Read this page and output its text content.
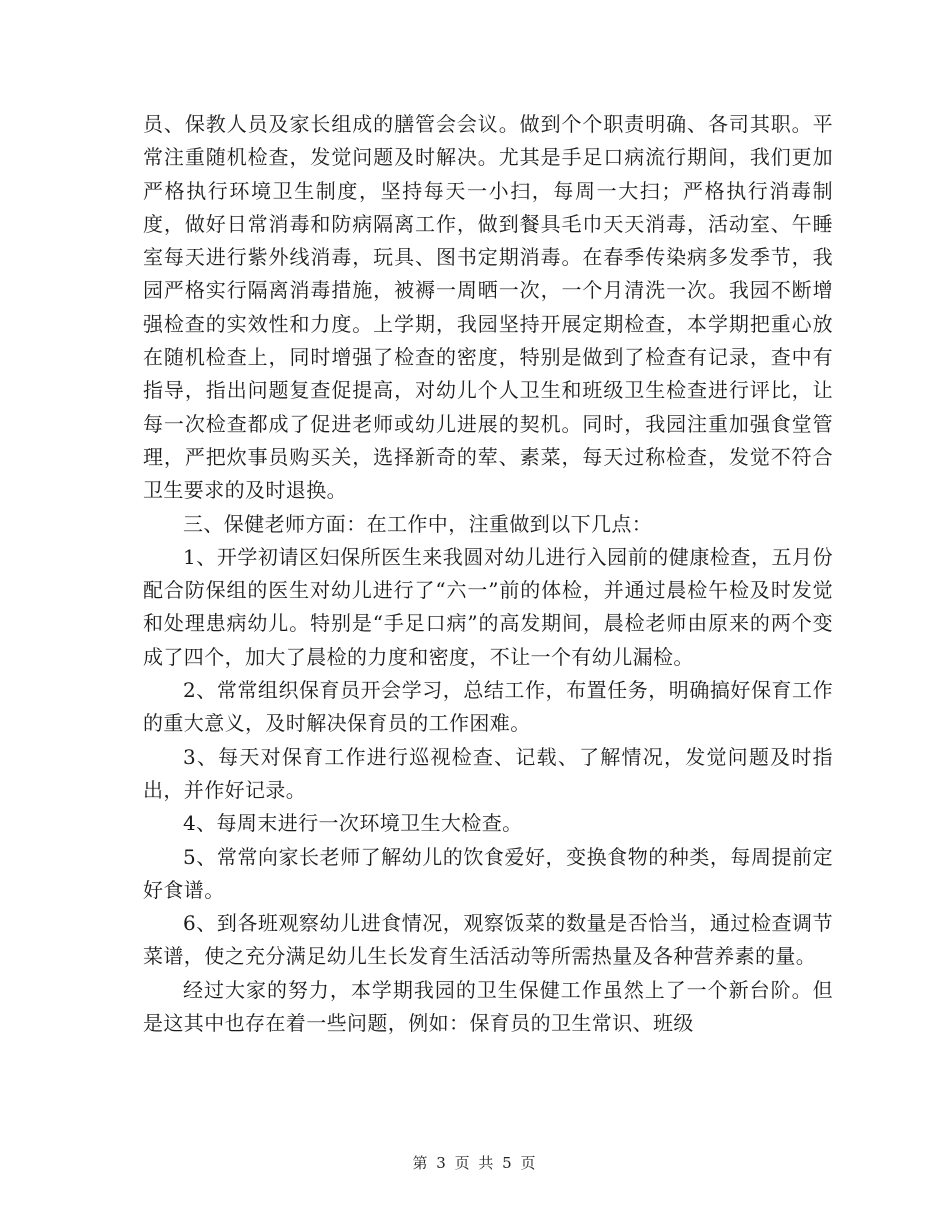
员、保教人员及家长组成的膳管会会议。做到个个职责明确、各司其职。平常注重随机检查，发觉问题及时解决。尤其是手足口病流行期间，我们更加严格执行环境卫生制度，坚持每天一小扫，每周一大扫；严格执行消毒制度，做好日常消毒和防病隔离工作，做到餐具毛巾天天消毒，活动室、午睡室每天进行紫外线消毒，玩具、图书定期消毒。在春季传染病多发季节，我园严格实行隔离消毒措施，被褥一周晒一次，一个月清洗一次。我园不断增强检查的实效性和力度。上学期，我园坚持开展定期检查，本学期把重心放在随机检查上，同时增强了检查的密度，特别是做到了检查有记录，查中有指导，指出问题复查促提高，对幼儿个人卫生和班级卫生检查进行评比，让每一次检查都成了促进老师或幼儿进展的契机。同时，我园注重加强食堂管理，严把炊事员购买关，选择新奇的荤、素菜，每天过称检查，发觉不符合卫生要求的及时退换。

三、保健老师方面：在工作中，注重做到以下几点：

1、开学初请区妇保所医生来我圆对幼儿进行入园前的健康检查，五月份配合防保组的医生对幼儿进行了“六一”前的体检，并通过晨检午检及时发觉和处理患病幼儿。特别是“手足口病”的高发期间，晨检老师由原来的两个变成了四个，加大了晨检的力度和密度，不让一个有幼儿漏检。

2、常常组织保育员开会学习，总结工作，布置任务，明确搞好保育工作的重大意义，及时解决保育员的工作困难。

3、每天对保育工作进行巡视检查、记载、了解情况，发觉问题及时指出，并作好记录。

4、每周末进行一次环境卫生大检查。

5、常常向家长老师了解幼儿的饮食爱好，变换食物的种类，每周提前定好食谱。

6、到各班观察幼儿进食情况，观察饭菜的数量是否恰当，通过检查调节菜谱，使之充分满足幼儿生长发育生活活动等所需热量及各种营养素的量。

经过大家的努力，本学期我园的卫生保健工作虽然上了一个新台阶。但是这其中也存在着一些问题，例如：保育员的卫生常识、班级

第 3 页 共 5 页
